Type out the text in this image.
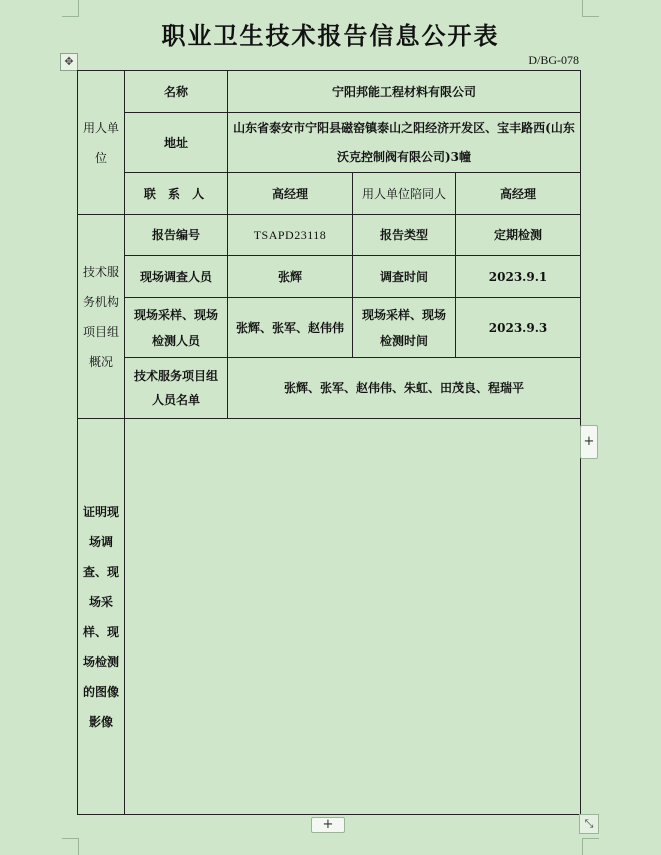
职业卫生技术报告信息公开表
D/BG-078
✥
用人单位	名称	宁阳邦能工程材料有限公司		
	地址	山东省泰安市宁阳县磁窑镇泰山之阳经济开发区、宝丰路西(山东沃克控制阀有限公司)3幢		
	联 系 人	高经理	用人单位陪同人	高经理
技术服务机构项目组概况	报告编号	TSAPD23118	报告类型	定期检测
	现场调查人员	张辉	调查时间	2023.9.1
	现场采样、现场检测人员	张辉、张军、赵伟伟	现场采样、现场检测时间	2023.9.3
	技术服务项目组人员名单	张辉、张军、赵伟伟、朱虹、田茂良、程瑞平		

证明现场调查、现场采样、现场检测的图像影像				
+
+	⤡
